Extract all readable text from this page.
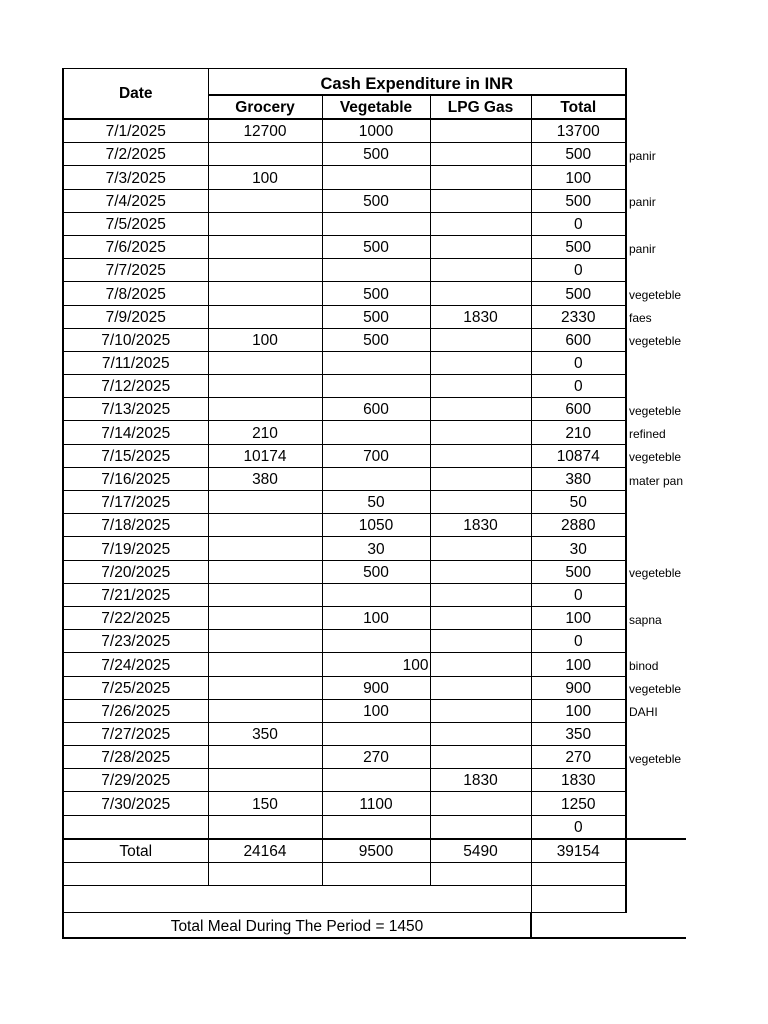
Date	Cash Expenditure in INR				
	Grocery	Vegetable	LPG Gas	Total	
7/1/2025	12700	1000		13700	
7/2/2025		500		500	panir
7/3/2025	100			100	
7/4/2025		500		500	panir
7/5/2025				0	
7/6/2025		500		500	panir
7/7/2025				0	
7/8/2025		500		500	vegeteble
7/9/2025		500	1830	2330	faes
7/10/2025	100	500		600	vegeteble
7/11/2025				0	
7/12/2025				0	
7/13/2025		600		600	vegeteble
7/14/2025	210			210	refined
7/15/2025	10174	700		10874	vegeteble
7/16/2025	380			380	mater pan
7/17/2025		50		50	
7/18/2025		1050	1830	2880	
7/19/2025		30		30	
7/20/2025		500		500	vegeteble
7/21/2025				0	
7/22/2025		100		100	sapna
7/23/2025				0	
7/24/2025		100		100	binod
7/25/2025		900		900	vegeteble
7/26/2025		100		100	DAHI
7/27/2025	350			350	
7/28/2025		270		270	vegeteble
7/29/2025			1830	1830	
7/30/2025	150	1100		1250	
				0	
Total	24164	9500	5490	39154	

Total Meal During The Period = 1450					
